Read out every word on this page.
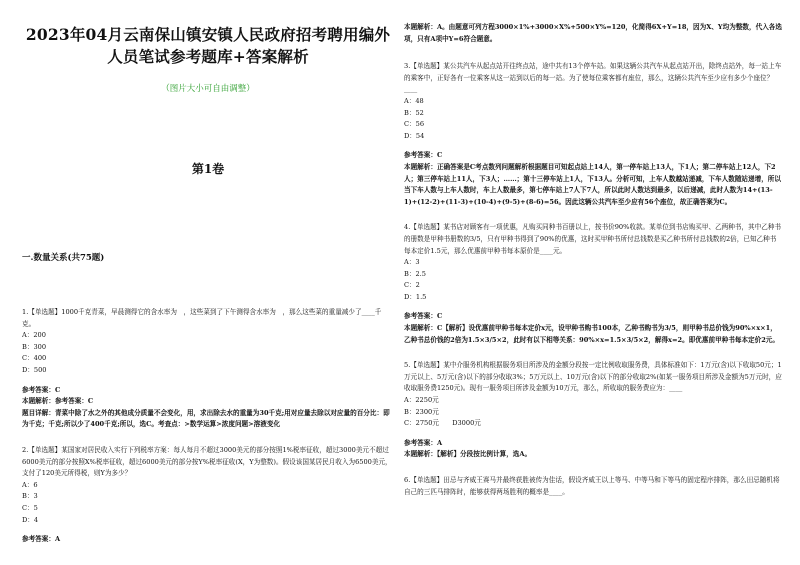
2023年04月云南保山镇安镇人民政府招考聘用编外
人员笔试参考题库+答案解析
（图片大小可自由调整）
第1卷
一.数量关系(共75题)

1.【单选题】1000千克青菜，早晨测得它的含水率为　，这些菜到了下午测得含水率为　，那么这些菜的重量减少了____千克。

A：200

B：300

C：400

D：500

参考答案：C

本题解析：参考答案：C

题目详解：青菜中除了水之外的其他成分质量不会变化，用，求出除去水的重量为30千克;用对应量去除以对应量的百分比：即为千克；千克;所以少了400千克;所以，选C。考查点：>数学运算>浓度问题>溶液变化

2.【单选题】某国家对居民收入实行下列税率方案：每人每月不超过3000美元的部分按照1%税率征收，超过3000美元不超过6000美元的部分按照X%税率征收，超过6000美元的部分按Y%税率征收(X，Y为整数)。假设该国某居民月收入为6500美元，支付了120美元所得税，则Y为多少？

A：6

B：3

C：5

D：4

参考答案：A

本题解析：A。由题意可列方程3000×1%+3000×X%+500×Y%=120，化简得6X+Y=18，因为X、Y均为整数，代入各选项，只有A项中Y=6符合题意。

3.【单选题】某公共汽车从起点站开往终点站，途中共有13个停车站。如果这辆公共汽车从起点站开出，除终点站外，每一站上车的乘客中，正好各有一位乘客从这一站到以后的每一站。为了使每位乘客都有座位，那么，这辆公共汽车至少应有多少个座位？____

A：48

B：52

C：56

D：54

参考答案：C

本题解析：正确答案是C考点数列问题解析根据题目可知起点站上14人，第一停车站上13人，下1人；第二停车站上12人，下2人；第三停车站上11人，下3人；……；第十三停车站上1人，下13人。分析可知，上车人数越站递减，下车人数随站递增，所以当下车人数与上车人数时，车上人数最多，第七停车站上7人下7人，所以此时人数达到最多，以后递减，此时人数为14+(13-1)+(12-2)+(11-3)+(10-4)+(9-5)+(8-6)=56。因此这辆公共汽车至少应有56个座位，故正确答案为C。

4.【单选题】某书店对顾客有一项优惠，凡购买同种书百册以上，按书价90%收款。某单位到书店购买甲、乙两种书，其中乙种书的册数是甲种书册数的3/5，只有甲种书得到了90%的优惠，这时买甲种书所付总钱数是买乙种书所付总钱数的2倍，已知乙种书每本定价1.5元，那么优惠前甲种书每本原价是____元。

A：3

B：2.5

C：2

D：1.5

参考答案：C

本题解析：C【解析】设优惠前甲种书每本定价x元，设甲种书购书100本，乙种书购书为3/5，则甲种书总价钱为90%×x×1，乙种书总价钱的2倍为1.5×3/5×2，此时有以下相等关系：90%×x=1.5×3/5×2，解得x=2。即优惠前甲种书每本定价2元。

5.【单选题】某中介服务机构根据服务项目所涉及的金额分段按一定比例收取服务费，具体标准如下：1万元(含)以下收取50元；1万元以上、5万元(含)以下的部分收取3%；5万元以上、10万元(含)以下的部分收取2%(如某一服务项目所涉及金额为5万元时，应收取服务费1250元)。现有一服务项目所涉及金额为10万元，那么，所收取的服务费应为：____

A：2250元

B：2300元

C：2750元　　D3000元

参考答案：A

本题解析：【解析】分段按比例计算，选A。

6.【单选题】田忌与齐威王赛马并最终获胜被传为佳话，假设齐威王以上等马、中等马和下等马的固定程序排阵，那么田忌随机将自己的三匹马排阵时，能够获得两场胜利的概率是____。
